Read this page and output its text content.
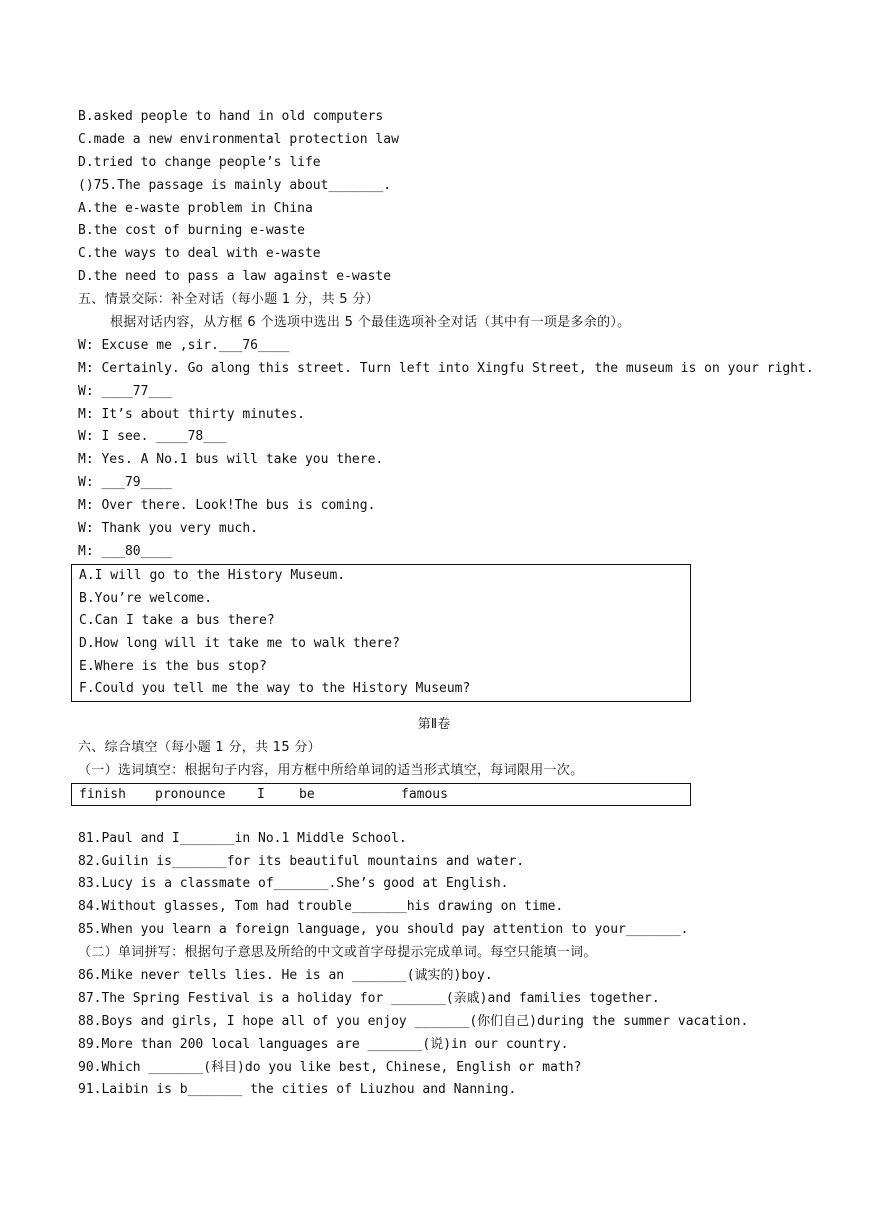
B.asked people to hand in old computers
C.made a new environmental protection law
D.tried to change people’s life
()75.The passage is mainly about_______.
A.the e-waste problem in China
B.the cost of burning e-waste
C.the ways to deal with e-waste
D.the need to pass a law against e-waste
五、情景交际：补全对话（每小题 1 分，共 5 分）
根据对话内容，从方框 6 个选项中选出 5 个最佳选项补全对话（其中有一项是多余的）。
W: Excuse me ,sir.___76____
M: Certainly. Go along this street. Turn left into Xingfu Street, the museum is on your right.
W: ____77___
M: It’s about thirty minutes.
W: I see. ____78___
M: Yes. A No.1 bus will take you there.
W: ___79____
M: Over there. Look!The bus is coming.
W: Thank you very much.
M: ___80____
A.I will go to the History Museum.
B.You’re welcome.
C.Can I take a bus there?
D.How long will it take me to walk there?
E.Where is the bus stop?
F.Could you tell me the way to the History Museum?
第Ⅱ卷
六、综合填空（每小题 1 分，共 15 分）
（一）选词填空：根据句子内容，用方框中所给单词的适当形式填空，每词限用一次。
finish	pronounce	I	be	famous
81.Paul and I_______in No.1 Middle School.
82.Guilin is_______for its beautiful mountains and water.
83.Lucy is a classmate of_______.She’s good at English.
84.Without glasses, Tom had trouble_______his drawing on time.
85.When you learn a foreign language, you should pay attention to your_______.
（二）单词拼写：根据句子意思及所给的中文或首字母提示完成单词。每空只能填一词。
86.Mike never tells lies. He is an _______(诚实的)boy.
87.The Spring Festival is a holiday for _______(亲戚)and families together.
88.Boys and girls, I hope all of you enjoy _______(你们自己)during the summer vacation.
89.More than 200 local languages are _______(说)in our country.
90.Which _______(科目)do you like best, Chinese, English or math?
91.Laibin is b_______ the cities of Liuzhou and Nanning.
